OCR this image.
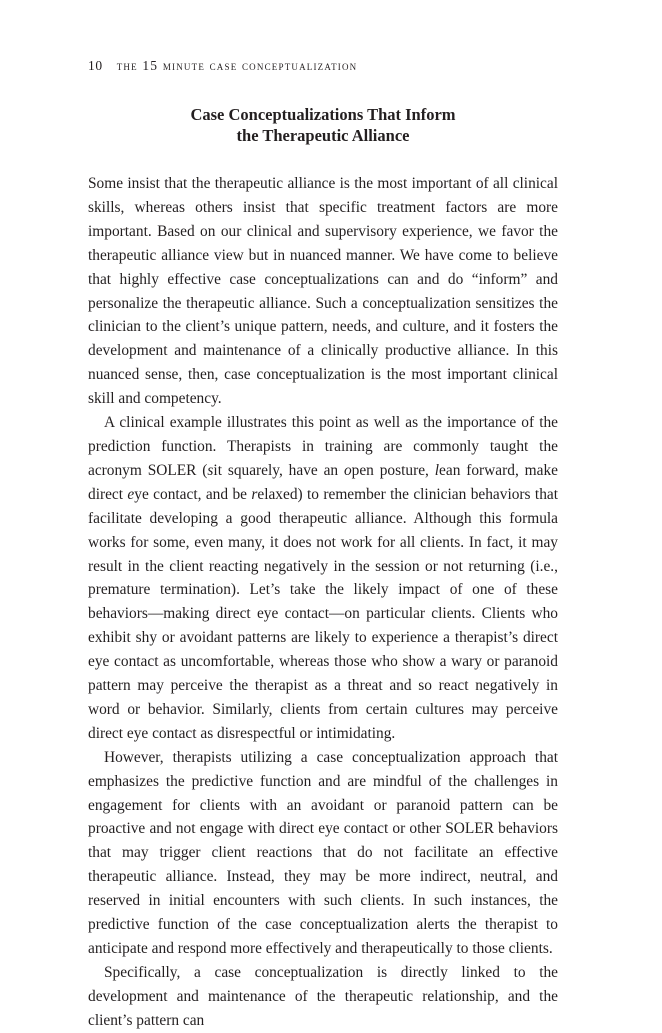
10 the 15 minute case conceptualization
Case Conceptualizations That Inform
the Therapeutic Alliance

Some insist that the therapeutic alliance is the most important of all clinical skills, whereas others insist that specific treatment factors are more important. Based on our clinical and supervisory experience, we favor the therapeutic alliance view but in nuanced manner. We have come to believe that highly effective case conceptualizations can and do “inform” and personalize the therapeutic alliance. Such a conceptualization sensitizes the clinician to the client’s unique pattern, needs, and culture, and it fosters the development and maintenance of a clinically productive alliance. In this nuanced sense, then, case conceptualization is the most important clinical skill and competency.

A clinical example illustrates this point as well as the importance of the prediction function. Therapists in training are commonly taught the acronym SOLER (sit squarely, have an open posture, lean forward, make direct eye contact, and be relaxed) to remember the clinician behaviors that facilitate developing a good therapeutic alliance. Although this formula works for some, even many, it does not work for all clients. In fact, it may result in the client reacting negatively in the session or not returning (i.e., premature termination). Let’s take the likely impact of one of these behaviors—making direct eye contact—on particular clients. Clients who exhibit shy or avoidant patterns are likely to experience a therapist’s direct eye contact as uncomfortable, whereas those who show a wary or paranoid pattern may perceive the therapist as a threat and so react negatively in word or behavior. Similarly, clients from certain cultures may perceive direct eye contact as disrespectful or intimidating.

However, therapists utilizing a case conceptualization approach that emphasizes the predictive function and are mindful of the challenges in engagement for clients with an avoidant or paranoid pattern can be proactive and not engage with direct eye contact or other SOLER behaviors that may trigger client reactions that do not facilitate an effective therapeutic alliance. Instead, they may be more indirect, neutral, and reserved in initial encounters with such clients. In such instances, the predictive function of the case conceptualization alerts the therapist to anticipate and respond more effectively and therapeutically to those clients.

Specifically, a case conceptualization is directly linked to the development and maintenance of the therapeutic relationship, and the client’s pattern can
